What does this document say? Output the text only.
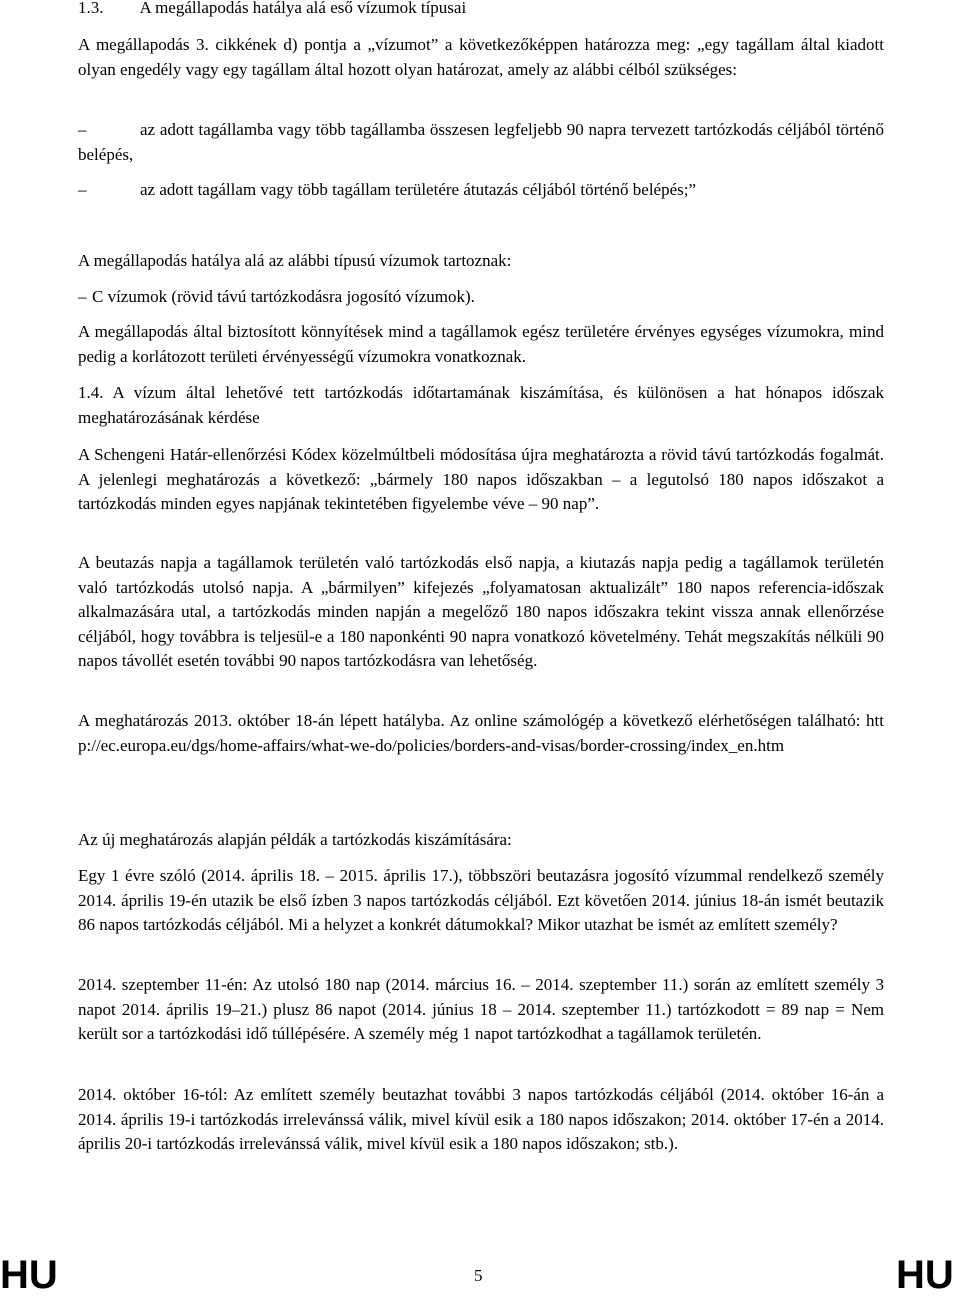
1.3. A megállapodás hatálya alá eső vízumok típusai

A megállapodás 3. cikkének d) pontja a „vízumot” a következőképpen határozza meg: „egy tagállam által kiadott olyan engedély vagy egy tagállam által hozott olyan határozat, amely az alábbi célból szükséges:

–	az adott tagállamba vagy több tagállamba összesen legfeljebb 90 napra tervezett tartózkodás céljából történő belépés,
–	az adott tagállam vagy több tagállam területére átutazás céljából történő belépés;”

A megállapodás hatálya alá az alábbi típusú vízumok tartoznak:

– C vízumok (rövid távú tartózkodásra jogosító vízumok).

A megállapodás által biztosított könnyítések mind a tagállamok egész területére érvényes egységes vízumokra, mind pedig a korlátozott területi érvényességű vízumokra vonatkoznak.

1.4. A vízum által lehetővé tett tartózkodás időtartamának kiszámítása, és különösen a hat hónapos időszak meghatározásának kérdése

A Schengeni Határ-ellenőrzési Kódex közelmúltbeli módosítása újra meghatározta a rövid távú tartózkodás fogalmát. A jelenlegi meghatározás a következő: „bármely 180 napos időszakban – a legutolsó 180 napos időszakot a tartózkodás minden egyes napjának tekintetében figyelembe véve – 90 nap”.

A beutazás napja a tagállamok területén való tartózkodás első napja, a kiutazás napja pedig a tagállamok területén való tartózkodás utolsó napja. A „bármilyen” kifejezés „folyamatosan aktualizált” 180 napos referencia-időszak alkalmazására utal, a tartózkodás minden napján a megelőző 180 napos időszakra tekint vissza annak ellenőrzése céljából, hogy továbbra is teljesül-e a 180 naponkénti 90 napra vonatkozó követelmény. Tehát megszakítás nélküli 90 napos távollét esetén további 90 napos tartózkodásra van lehetőség.

A meghatározás 2013. október 18-án lépett hatályba. Az online számológép a következő elérhetőségen található: http://ec.europa.eu/dgs/home-affairs/what-we-do/policies/borders-and-visas/border-crossing/index_en.htm

Az új meghatározás alapján példák a tartózkodás kiszámítására:

Egy 1 évre szóló (2014. április 18. – 2015. április 17.), többszöri beutazásra jogosító vízummal rendelkező személy 2014. április 19-én utazik be első ízben 3 napos tartózkodás céljából. Ezt követően 2014. június 18-án ismét beutazik 86 napos tartózkodás céljából. Mi a helyzet a konkrét dátumokkal? Mikor utazhat be ismét az említett személy?

2014. szeptember 11-én: Az utolsó 180 nap (2014. március 16. – 2014. szeptember 11.) során az említett személy 3 napot 2014. április 19–21.) plusz 86 napot (2014. június 18 – 2014. szeptember 11.) tartózkodott = 89 nap = Nem került sor a tartózkodási idő túllépésére. A személy még 1 napot tartózkodhat a tagállamok területén.

2014. október 16-tól: Az említett személy beutazhat további 3 napos tartózkodás céljából (2014. október 16-án a 2014. április 19-i tartózkodás irrelevánssá válik, mivel kívül esik a 180 napos időszakon; 2014. október 17-én a 2014. április 20-i tartózkodás irrelevánssá válik, mivel kívül esik a 180 napos időszakon; stb.).

HU	5	HU
